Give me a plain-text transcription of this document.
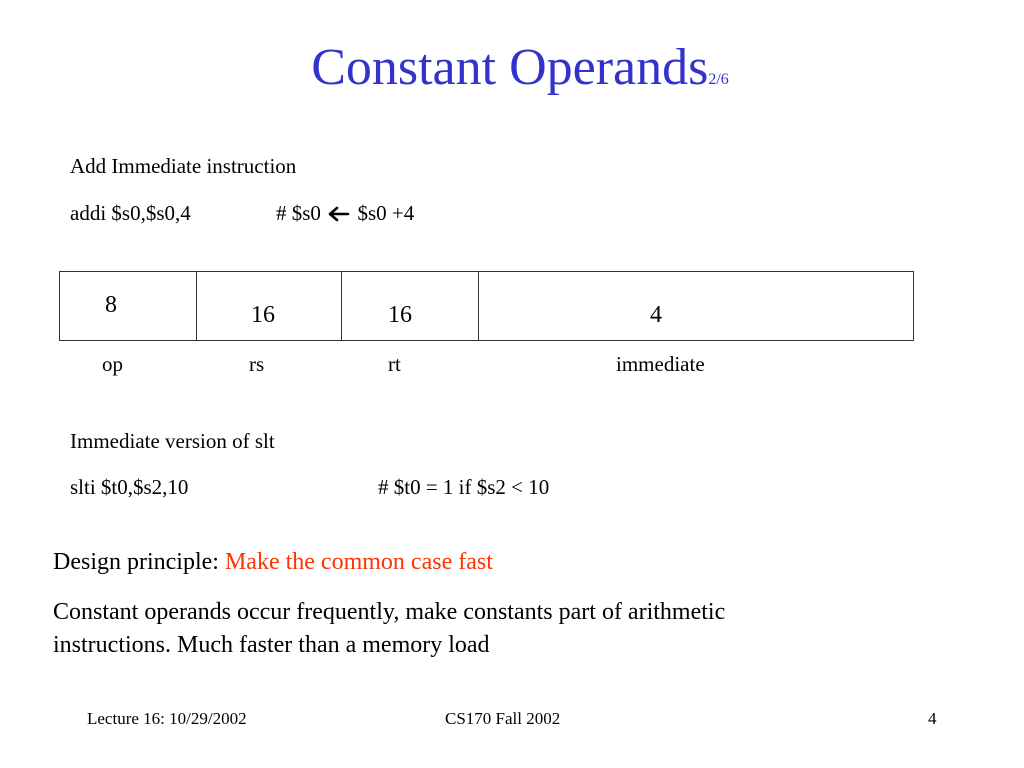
Constant Operands2/6
Add Immediate instruction
addi $s0,$s0,4	# $s0 $s0 +4
8	16	16	4
op	rs	rt	immediate
Immediate version of slt
slti $t0,$s2,10	# $t0 = 1 if $s2 < 10
Design principle: Make the common case fast
Constant operands occur frequently, make constants part of arithmetic
instructions. Much faster than a memory load
Lecture 16: 10/29/2002	CS170 Fall 2002	4
